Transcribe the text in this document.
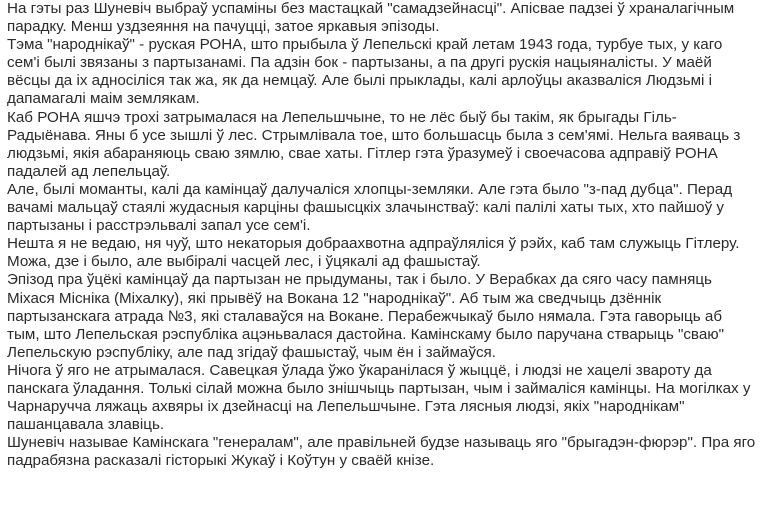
На гэты раз Шуневіч выбраў успаміны без мастацкай "самадзейнасці". Апісвае падзеі ў храналагічным парадку. Менш уздзеяння на пачуцці, затое яркавыя эпізоды.

Тэма "народнікаў" - руская РОНА, што прыбыла ў Лепельскі край летам 1943 года, турбуе тых, у каго сем'і былі звязаны з партызанамі. Па адзін бок - партызаны, а па другі рускія нацыяналісты. У маёй вёсцы да іх адносіліся так жа, як да немцаў. Але былі прыклады, калі арлоўцы аказваліся Людзьмі і дапамагалі маім землякам.

Каб РОНА яшчэ трохі затрымалася на Лепельшчыне, то не лёс быў бы такім, як брыгады Гіль-Радыёнава. Яны б усе зышлі ў лес. Стрымлівала тое, што большасць была з сем'ямі. Нельга ваяваць з людзьмі, якія абараняюць сваю зямлю, свае хаты. Гітлер гэта ўразумеў і своечасова адправіў РОНА падалей ад лепельцаў.

Але, былі моманты, калі да камінцаў далучаліся хлопцы-земляки. Але гэта было "з-пад дубца". Перад вачамі мальцаў стаялі жудасныя карціны фашысцкіх злачынстваў: калі палілі хаты тых, хто пайшоў у партызаны і расстрэльвалі запал усе сем'і.

Нешта я не ведаю, ня чуў, што некаторыя добраахвотна адпраўляліся ў рэйх, каб там служыць Гітлеру. Можа, дзе і было, але выбіралі часцей лес, і ўцякалі ад фашыстаў.

Эпізод пра ўцёкі камінцаў да партызан не прыдуманы, так і было. У Верабках да сяго часу памняць Міхася Місніка (Міхалку), які прывёў на Вокана 12 "народнікаў". Аб тым жа сведчыць дзённік партызанскага атрада №3, які сталаваўся на Вокане. Перабежчыкаў было нямала. Гэта гаворыць аб тым, што Лепельская рэспубліка ацэньвалася дастойна. Камінскаму было паручана стварыць "сваю" Лепельскую рэспубліку, але пад згідаў фашыстаў, чым ён і займаўся.

Нічога ў яго не атрымалася. Савецкая ўлада ўжо ўкаранілася ў жыццё, і людзі не хацелі звароту да панскага ўладання. Толькі сілай можна было знішчыць партызан, чым і займаліся камінцы. На могілках у Чарнаручча ляжаць ахвяры іх дзейнасці на Лепельшчыне. Гэта лясныя людзі, якіх "народнікам" пашанцавала злавіць.

Шуневіч называе Камінскага "генералам", але правільней будзе называць яго "брыгадэн-фюрэр". Пра яго падрабязна расказалі гісторыкі Жукаў і Коўтун у сваёй кнізе.
